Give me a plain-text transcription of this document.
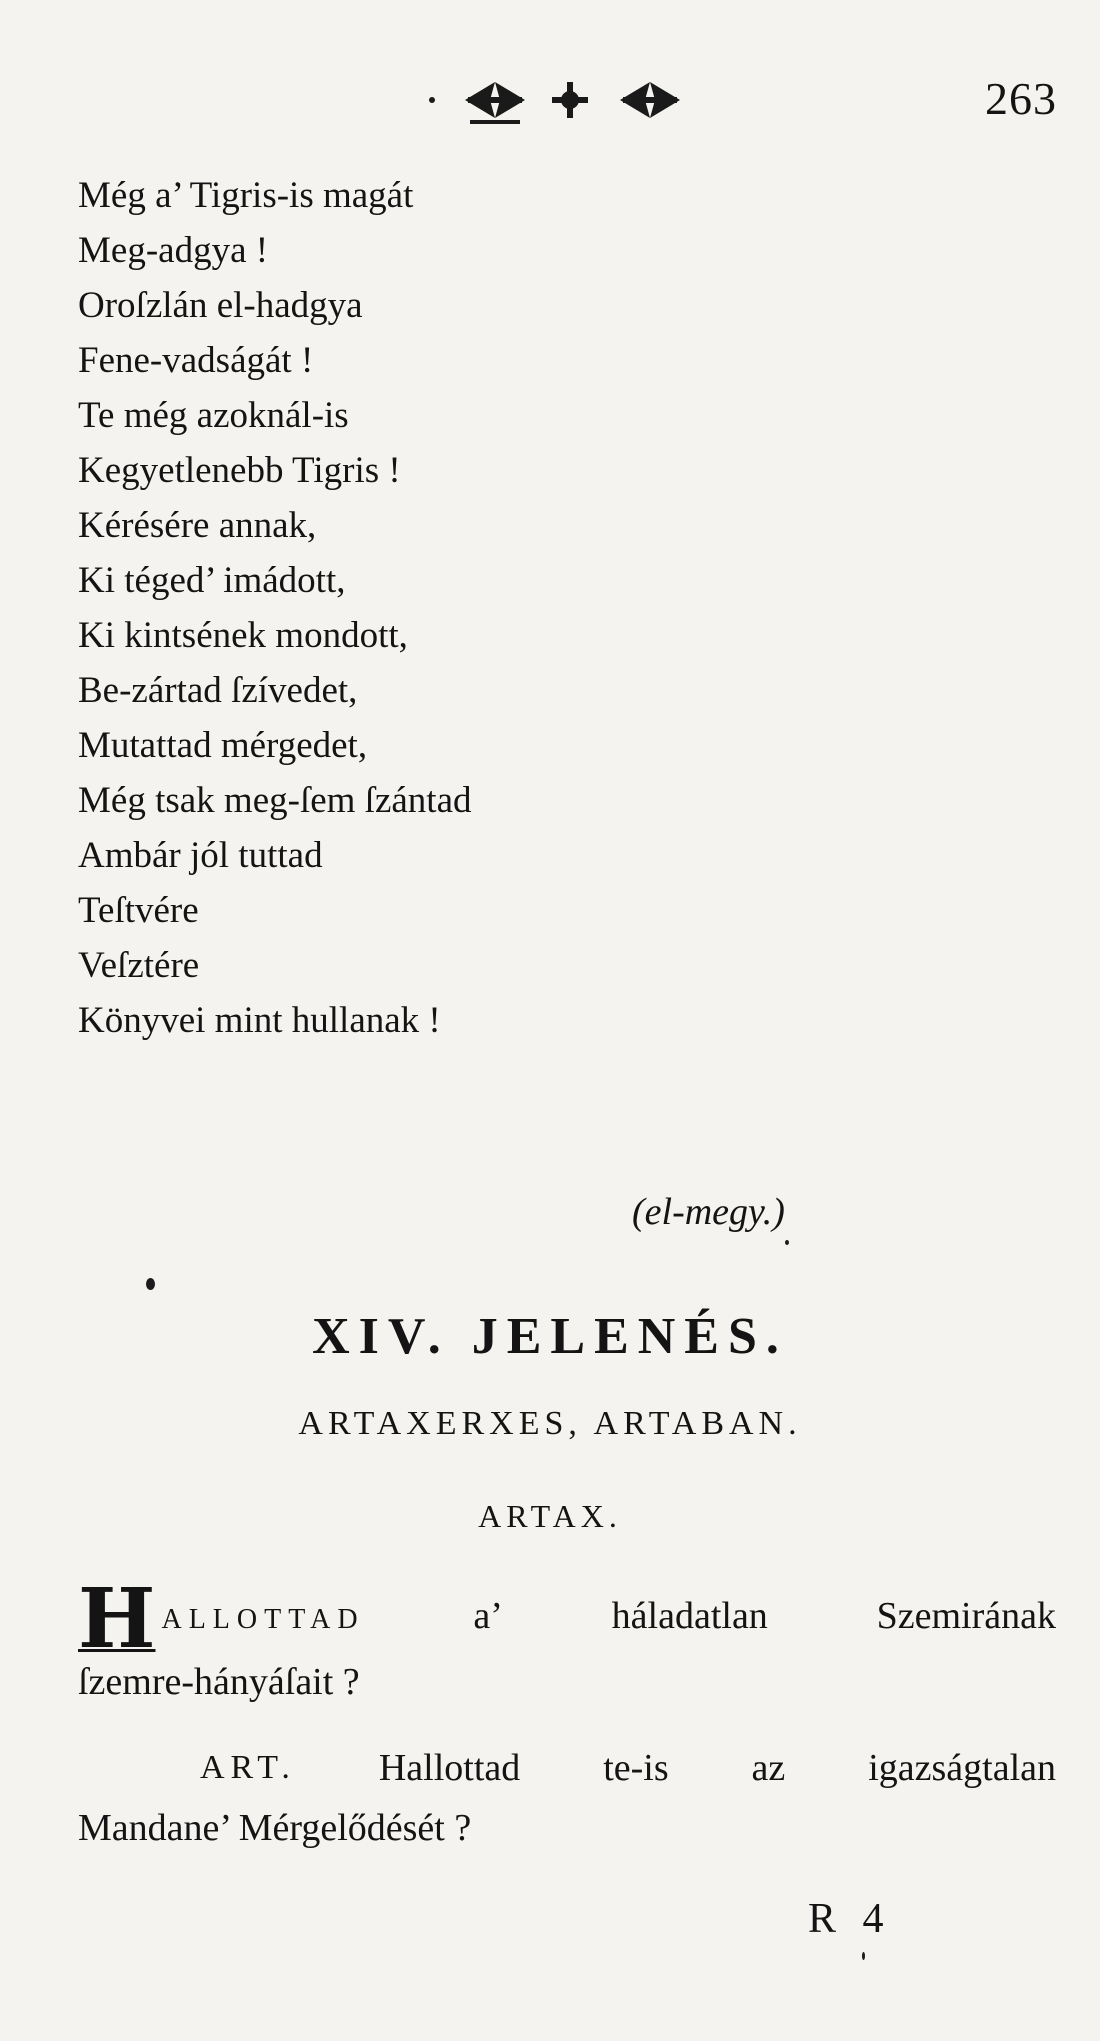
263
Még a’ Tigris-is magát
Meg-adgya !
Oroſzlán el-hadgya
Fene-vadságát !
Te még azoknál-is
Kegyetlenebb Tigris !
Kérésére annak,
Ki téged’ imádott,
Ki kintsének mondott,
Be-zártad ſzívedet,
Mutattad mérgedet,
Még tsak meg-ſem ſzántad
Ambár jól tuttad
Teſtvére
Veſztére
Könyvei mint hullanak !
(el-megy.)
XIV. JELENÉS.
ARTAXERXES, ARTABAN.
ARTAX.
HALLOTTAD	a’	háladatlan	Szemirának
ſzemre-hányáſait ?
ART. Hallottad te-is az igazságtalan
Mandane’ Mérgelődését ?
R 4
